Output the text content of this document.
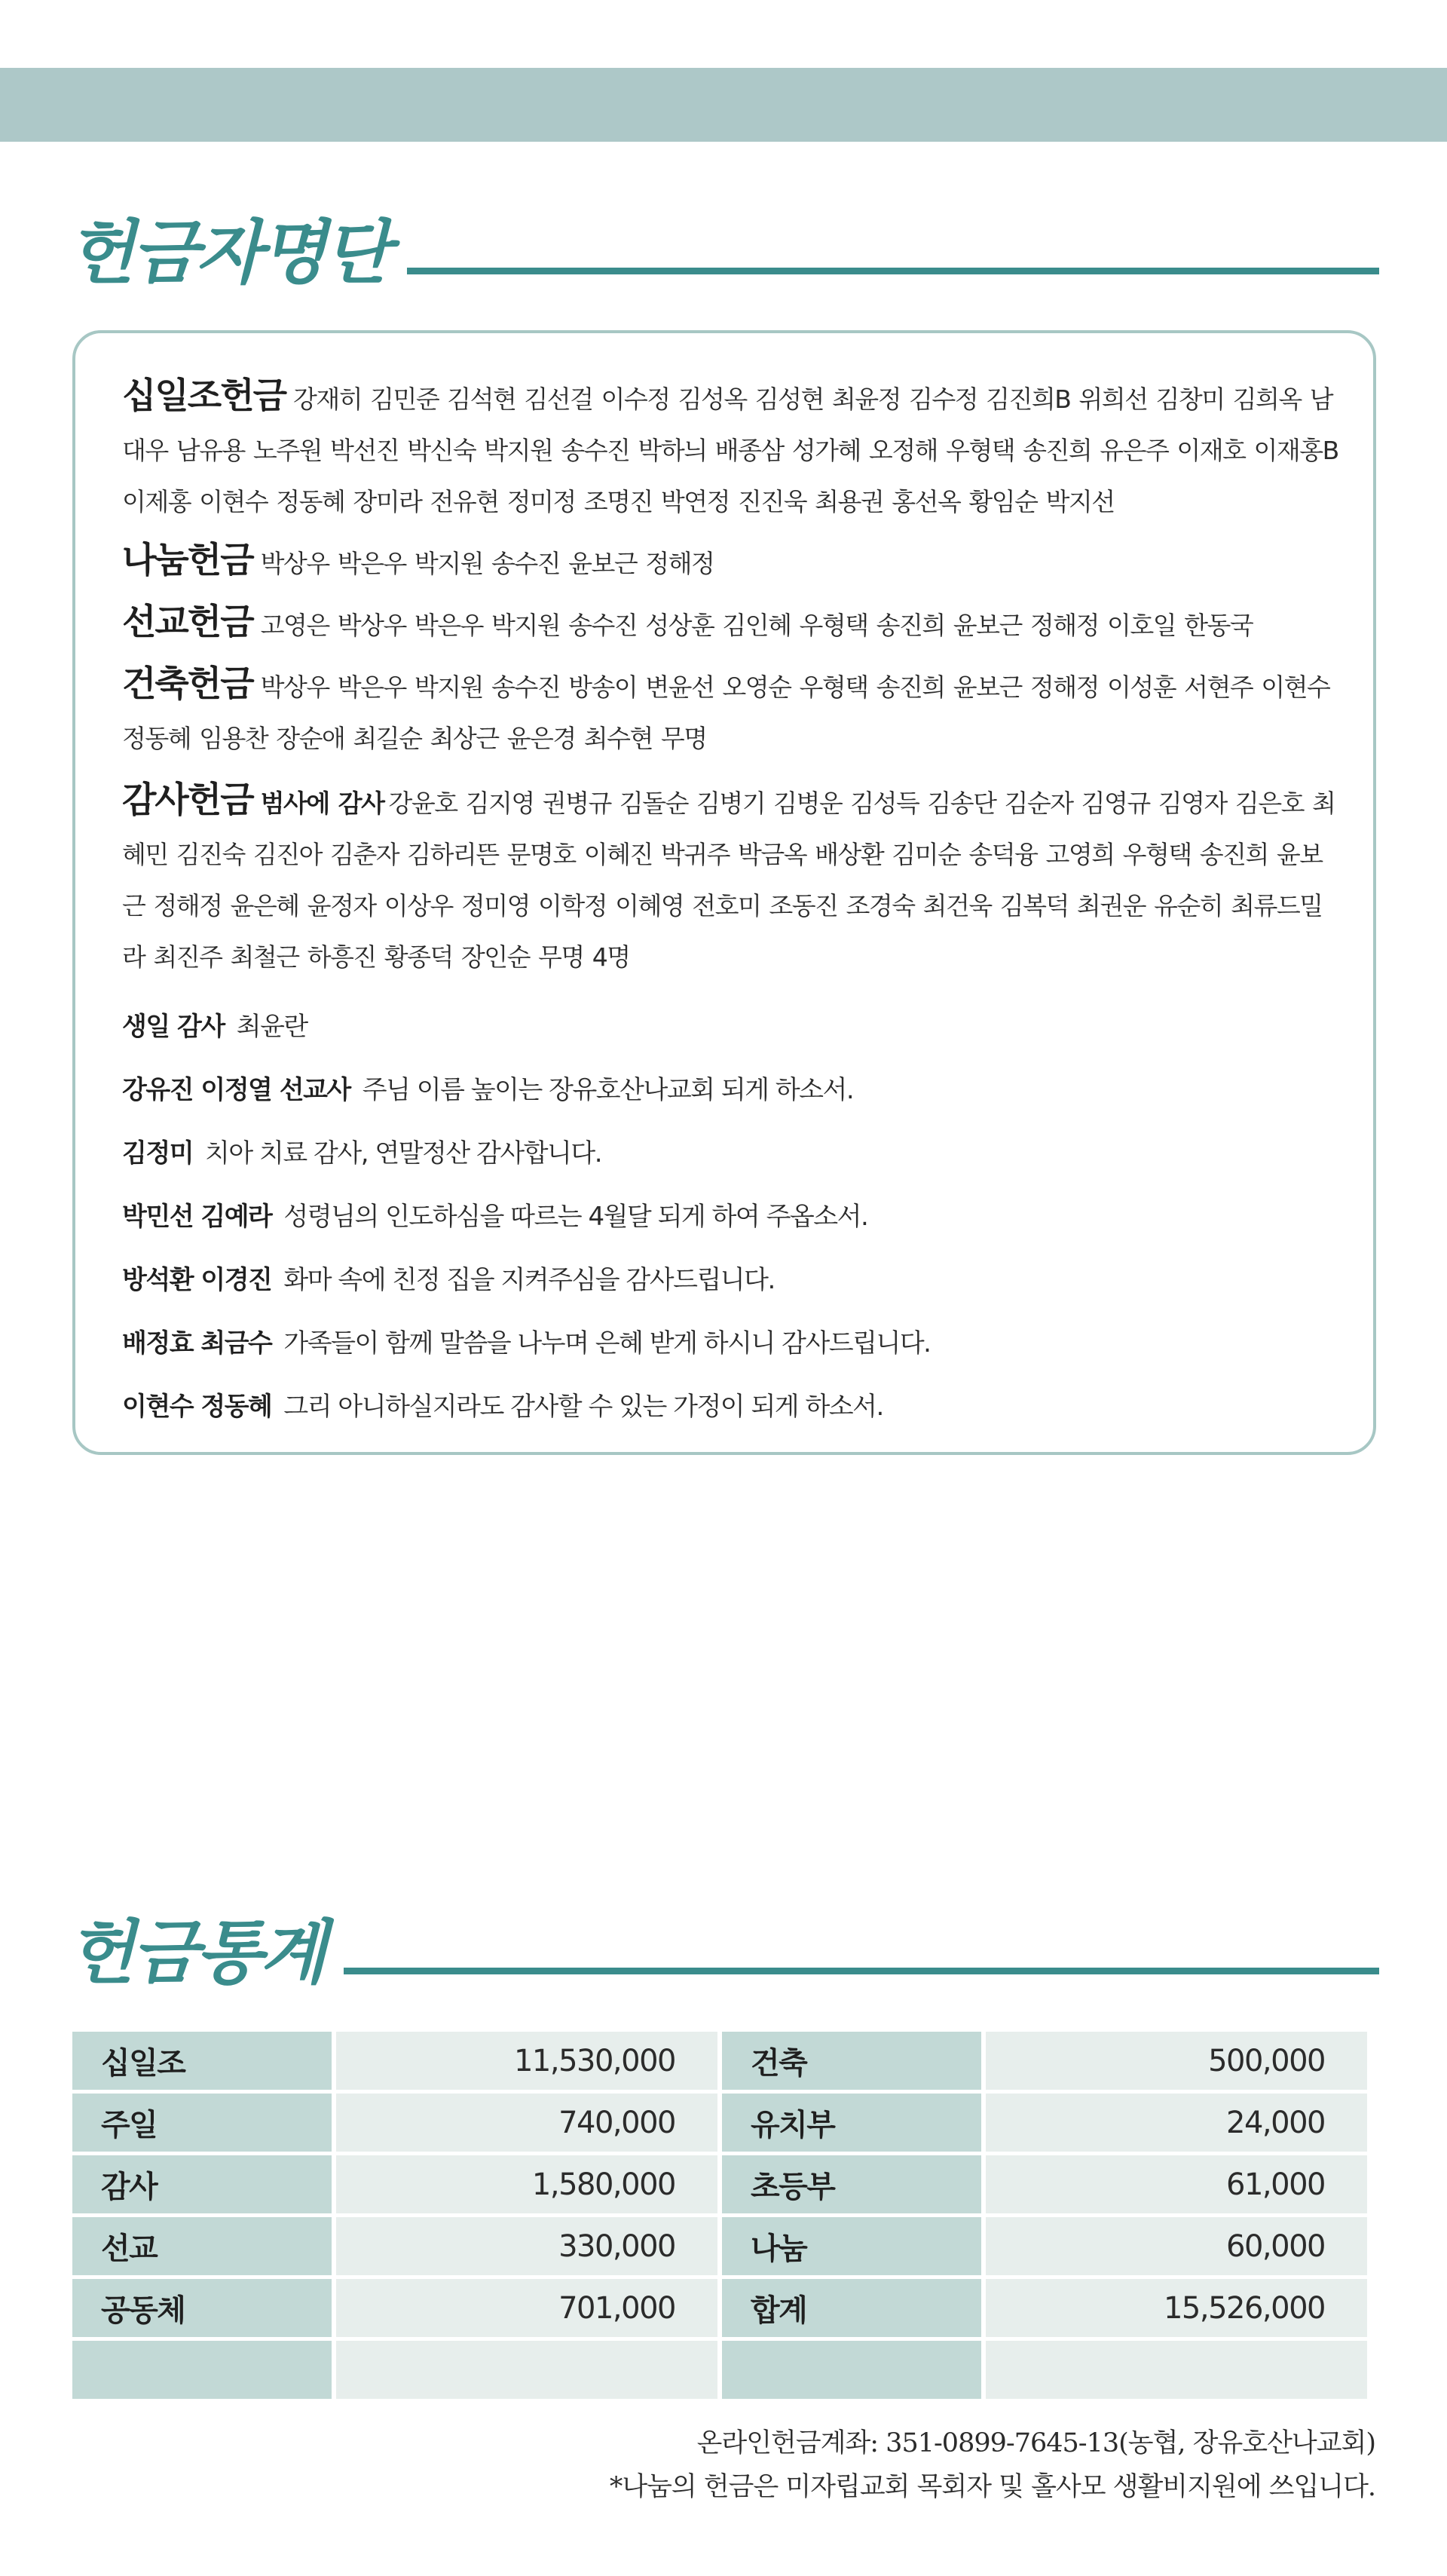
헌금자명단
십일조헌금 강재히 김민준 김석현 김선걸 이수정 김성옥 김성현 최윤정 김수정 김진희B 위희선 김창미 김희옥 남대우 남유용 노주원 박선진 박신숙 박지원 송수진 박하늬 배종삼 성가혜 오정해 우형택 송진희 유은주 이재호 이재홍B 이제홍 이현수 정동혜 장미라 전유현 정미정 조명진 박연정 진진욱 최용권 홍선옥 황임순 박지선
나눔헌금 박상우 박은우 박지원 송수진 윤보근 정해정
선교헌금 고영은 박상우 박은우 박지원 송수진 성상훈 김인혜 우형택 송진희 윤보근 정해정 이호일 한동국
건축헌금 박상우 박은우 박지원 송수진 방송이 변윤선 오영순 우형택 송진희 윤보근 정해정 이성훈 서현주 이현수 정동혜 임용찬 장순애 최길순 최상근 윤은경 최수현 무명
감사헌금 범사에 감사 강윤호 김지영 권병규 김돌순 김병기 김병운 김성득 김송단 김순자 김영규 김영자 김은호 최혜민 김진숙 김진아 김춘자 김하리뜬 문명호 이혜진 박귀주 박금옥 배상환 김미순 송덕융 고영희 우형택 송진희 윤보근 정해정 윤은혜 윤정자 이상우 정미영 이학정 이혜영 전호미 조동진 조경숙 최건욱 김복덕 최권운 유순히 최류드밀라 최진주 최철근 하흥진 황종덕 장인순 무명 4명
생일 감사 최윤란
강유진 이정열 선교사 주님 이름 높이는 장유호산나교회 되게 하소서.
김정미 치아 치료 감사, 연말정산 감사합니다.
박민선 김예라 성령님의 인도하심을 따르는 4월달 되게 하여 주옵소서.
방석환 이경진 화마 속에 친정 집을 지켜주심을 감사드립니다.
배정효 최금수 가족들이 함께 말씀을 나누며 은혜 받게 하시니 감사드립니다.
이현수 정동혜 그리 아니하실지라도 감사할 수 있는 가정이 되게 하소서.
헌금통계
십일조	11,530,000	건축	500,000
주일	740,000	유치부	24,000
감사	1,580,000	초등부	61,000
선교	330,000	나눔	60,000
공동체	701,000	합계	15,526,000

온라인헌금계좌: 351-0899-7645-13(농협, 장유호산나교회)
*나눔의 헌금은 미자립교회 목회자 및 홀사모 생활비지원에 쓰입니다.
